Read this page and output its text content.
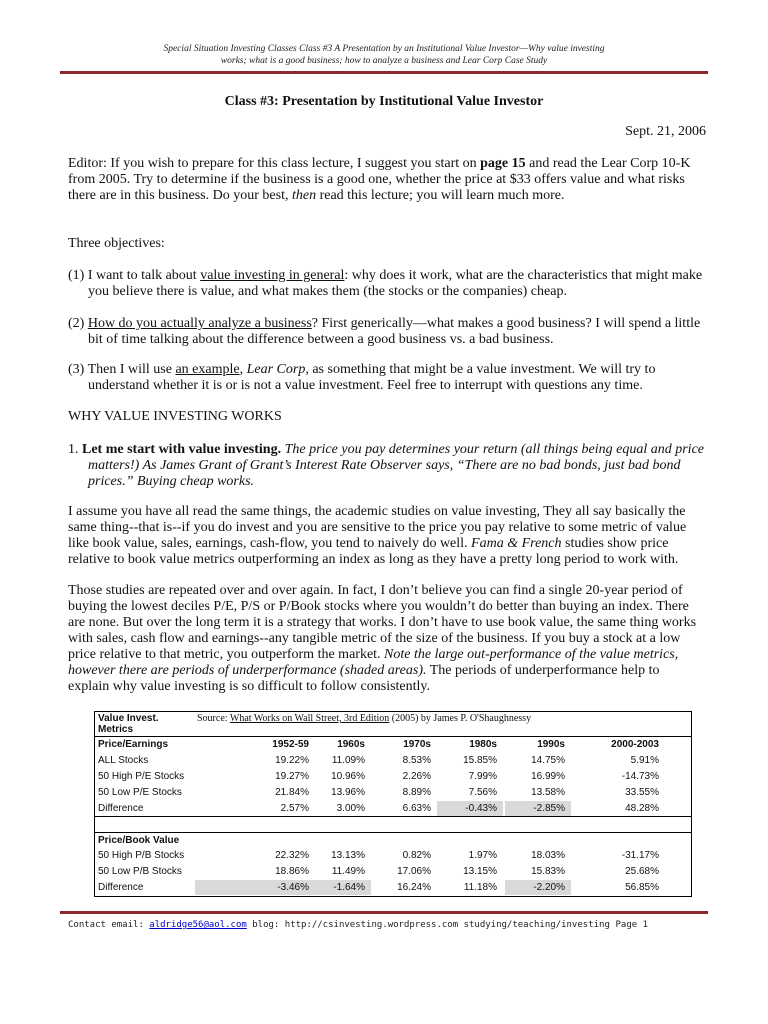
Special Situation Investing Classes Class #3 A Presentation by an Institutional Value Investor—Why value investing
works; what is a good business; how to analyze a business and Lear Corp Case Study
Class #3: Presentation by Institutional Value Investor
Sept. 21, 2006
Editor: If you wish to prepare for this class lecture, I suggest you start on page 15 and read the Lear Corp 10-K from 2005. Try to determine if the business is a good one, whether the price at $33 offers value and what risks there are in this business. Do your best, then read this lecture; you will learn much more.
Three objectives:
(1) I want to talk about value investing in general: why does it work, what are the characteristics that might make
you believe there is value, and what makes them (the stocks or the companies) cheap.
(2) How do you actually analyze a business? First generically—what makes a good business? I will spend a little
bit of time talking about the difference between a good business vs. a bad business.
(3) Then I will use an example, Lear Corp, as something that might be a value investment. We will try to
understand whether it is or is not a value investment. Feel free to interrupt with questions any time.
WHY VALUE INVESTING WORKS
1. Let me start with value investing. The price you pay determines your return (all things being equal and price
matters!) As James Grant of Grant’s Interest Rate Observer says, “There are no bad bonds, just bad bond
prices.” Buying cheap works.
I assume you have all read the same things, the academic studies on value investing, They all say basically the same thing--that is--if you do invest and you are sensitive to the price you pay relative to some metric of value like book value, sales, earnings, cash-flow, you tend to naively do well. Fama & French studies show price relative to book value metrics outperforming an index as long as they have a pretty long period to work with.
Those studies are repeated over and over again. In fact, I don’t believe you can find a single 20-year period of buying the lowest deciles P/E, P/S or P/Book stocks where you wouldn’t do better than buying an index. There are none. But over the long term it is a strategy that works. I don’t have to use book value, the same thing works with sales, cash flow and earnings--any tangible metric of the size of the business. If you buy a stock at a low price relative to that metric, you outperform the market. Note the large out-performance of the value metrics, however there are periods of underperformance (shaded areas). The periods of underperformance help to explain why value investing is so difficult to follow consistently.
Value Invest.
Metrics
Source: What Works on Wall Street, 3rd Edition (2005) by James P. O'Shaughnessy
Price/Earnings	1952-59	1960s	1970s	1980s	1990s	2000-2003
ALL Stocks	19.22%	11.09%	8.53%	15.85%	14.75%	5.91%
50 High P/E Stocks	19.27%	10.96%	2.26%	7.99%	16.99%	-14.73%
50 Low P/E Stocks	21.84%	13.96%	8.89%	7.56%	13.58%	33.55%
Difference	2.57%	3.00%	6.63%	-0.43%	-2.85%	48.28%
Price/Book Value
50 High P/B Stocks	22.32%	13.13%	0.82%	1.97%	18.03%	-31.17%
50 Low P/B Stocks	18.86%	11.49%	17.06%	13.15%	15.83%	25.68%
Difference	-3.46%	-1.64%	16.24%	11.18%	-2.20%	56.85%
Contact email: aldridge56@aol.com blog: http://csinvesting.wordpress.com studying/teaching/investing Page 1
